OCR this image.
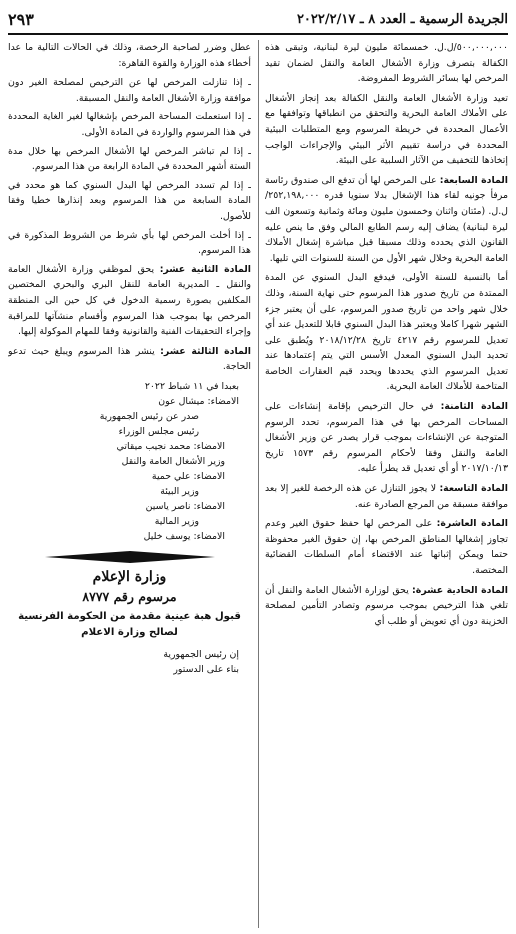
الجريدة الرسمية ـ العدد ٨ ـ ٢٠٢٢/٢/١٧
٢٩٣

٥٠٠,٠٠٠,٠٠٠/ل.ل. خمسمائة مليون ليرة لبنانية، وتبقى هذه الكفالة بتصرف وزارة الأشغال العامة والنقل لضمان تقيد المرخص لها بسائر الشروط المفروضة.

تعيد وزارة الأشغال العامة والنقل الكفالة بعد إنجاز الأشغال على الأملاك العامة البحرية والتحقق من انطباقها وتوافقها مع الأعمال المحددة في خريطة المرسوم ومع المتطلبات البيئية المحددة في دراسة تقييم الأثر البيئي والإجراءات الواجب إتخاذها للتخفيف من الآثار السلبية على البيئة.

المادة السابعة: على المرخص لها أن تدفع الى صندوق رئاسة مرفأ جونيه لقاء هذا الإشغال بدلا سنويا قدره ٢٥٢,١٩٨,٠٠٠/ ل.ل. (مئتان واثنان وخمسون مليون ومائة وثمانية وتسعون الف ليرة لبنانية) يضاف إليه رسم الطابع المالي وفق ما ينص عليه القانون الذي يحدده وذلك مسبقا قبل مباشرة إشغال الأملاك العامة البحرية وخلال شهر الأول من السنة للسنوات التي تليها.

أما بالنسبة للسنة الأولى، فيدفع البدل السنوي عن المدة الممتدة من تاريخ صدور هذا المرسوم حتى نهاية السنة، وذلك خلال شهر واحد من تاريخ صدور المرسوم، على أن يعتبر جزء الشهر شهرا كاملا ويعتبر هذا البدل السنوي قابلا للتعديل عند أي تعديل للمرسوم رقم ٤٢١٧ تاريخ ٢٠١٨/١٢/٢٨ ويُطبق على تحديد البدل السنوي المعدل الأسس التي يتم إعتمادها عند تعديل المرسوم الذي يحددها ويحدد قيم العقارات الخاصة المتاخمة للأملاك العامة البحرية.

المادة الثامنة: في حال الترخيص بإقامة إنشاءات على المساحات المرخص بها في هذا المرسوم، تحدد الرسوم المتوجبة عن الإنشاءات بموجب قرار يصدر عن وزير الأشغال العامة والنقل وفقا لأحكام المرسوم رقم ١٥٧٣ تاريخ ٢٠١٧/١٠/١٣ أو أي تعديل قد يطرأ عليه.

المادة التاسعة: لا يجوز التنازل عن هذه الرخصة للغير إلا بعد موافقة مسبقة من المرجع الصادرة عنه.

المادة العاشرة: على المرخص لها حفظ حقوق الغير وعدم تجاوز إشغالها المناطق المرخص بها، إن حقوق الغير محفوظة حتما ويمكن إثباتها عند الاقتضاء أمام السلطات القضائية المختصة.

المادة الحادية عشرة: يحق لوزارة الأشغال العامة والنقل أن تلغي هذا الترخيص بموجب مرسوم وتصادر التأمين لمصلحة الخزينة دون أي تعويض أو طلب أي

عطل وضرر لصاحبة الرخصة، وذلك في الحالات التالية ما عدا أخطاء هذه الوزارة والقوة القاهرة:

ـ إذا تنازلت المرخص لها عن الترخيص لمصلحة الغير دون موافقة وزارة الأشغال العامة والنقل المسبقة.

ـ إذا استعملت المساحة المرخص بإشغالها لغير الغاية المحددة في هذا المرسوم والواردة في المادة الأولى.

ـ إذا لم تباشر المرخص لها الأشغال المرخص بها خلال مدة الستة أشهر المحددة في المادة الرابعة من هذا المرسوم.

ـ إذا لم تسدد المرخص لها البدل السنوي كما هو محدد في المادة السابعة من هذا المرسوم وبعد إنذارها خطيا وفقا للأصول.

ـ إذا أخلت المرخص لها بأي شرط من الشروط المذكورة في هذا المرسوم.

المادة الثانية عشر: يحق لموظفي وزارة الأشغال العامة والنقل ـ المديرية العامة للنقل البري والبحري المختصين المكلفين بصورة رسمية الدخول في كل حين الى المنطقة المرخص بها بموجب هذا المرسوم وأقسام منشآتها للمراقبة وإجراء التحقيقات الفنية والقانونية وفقا للمهام الموكولة إليها.

المادة الثالثة عشر: ينشر هذا المرسوم ويبلغ حيث تدعو الحاجة.

بعبدا في ١١ شباط ٢٠٢٢

الامضاء: ميشال عون

صدر عن رئيس الجمهورية

رئيس مجلس الوزراء

الامضاء: محمد نجيب ميقاتي

وزير الأشغال العامة والنقل

الامضاء: علي حمية

وزير البيئة

الامضاء: ناصر ياسين

وزير المالية

الامضاء: يوسف خليل

وزارة الإعلام
مرسوم رقم ٨٧٧٧
قبول هبة عينية مقدمة من الحكومة الفرنسية لصالح وزارة الاعلام

إن رئيس الجمهورية

بناء على الدستور
